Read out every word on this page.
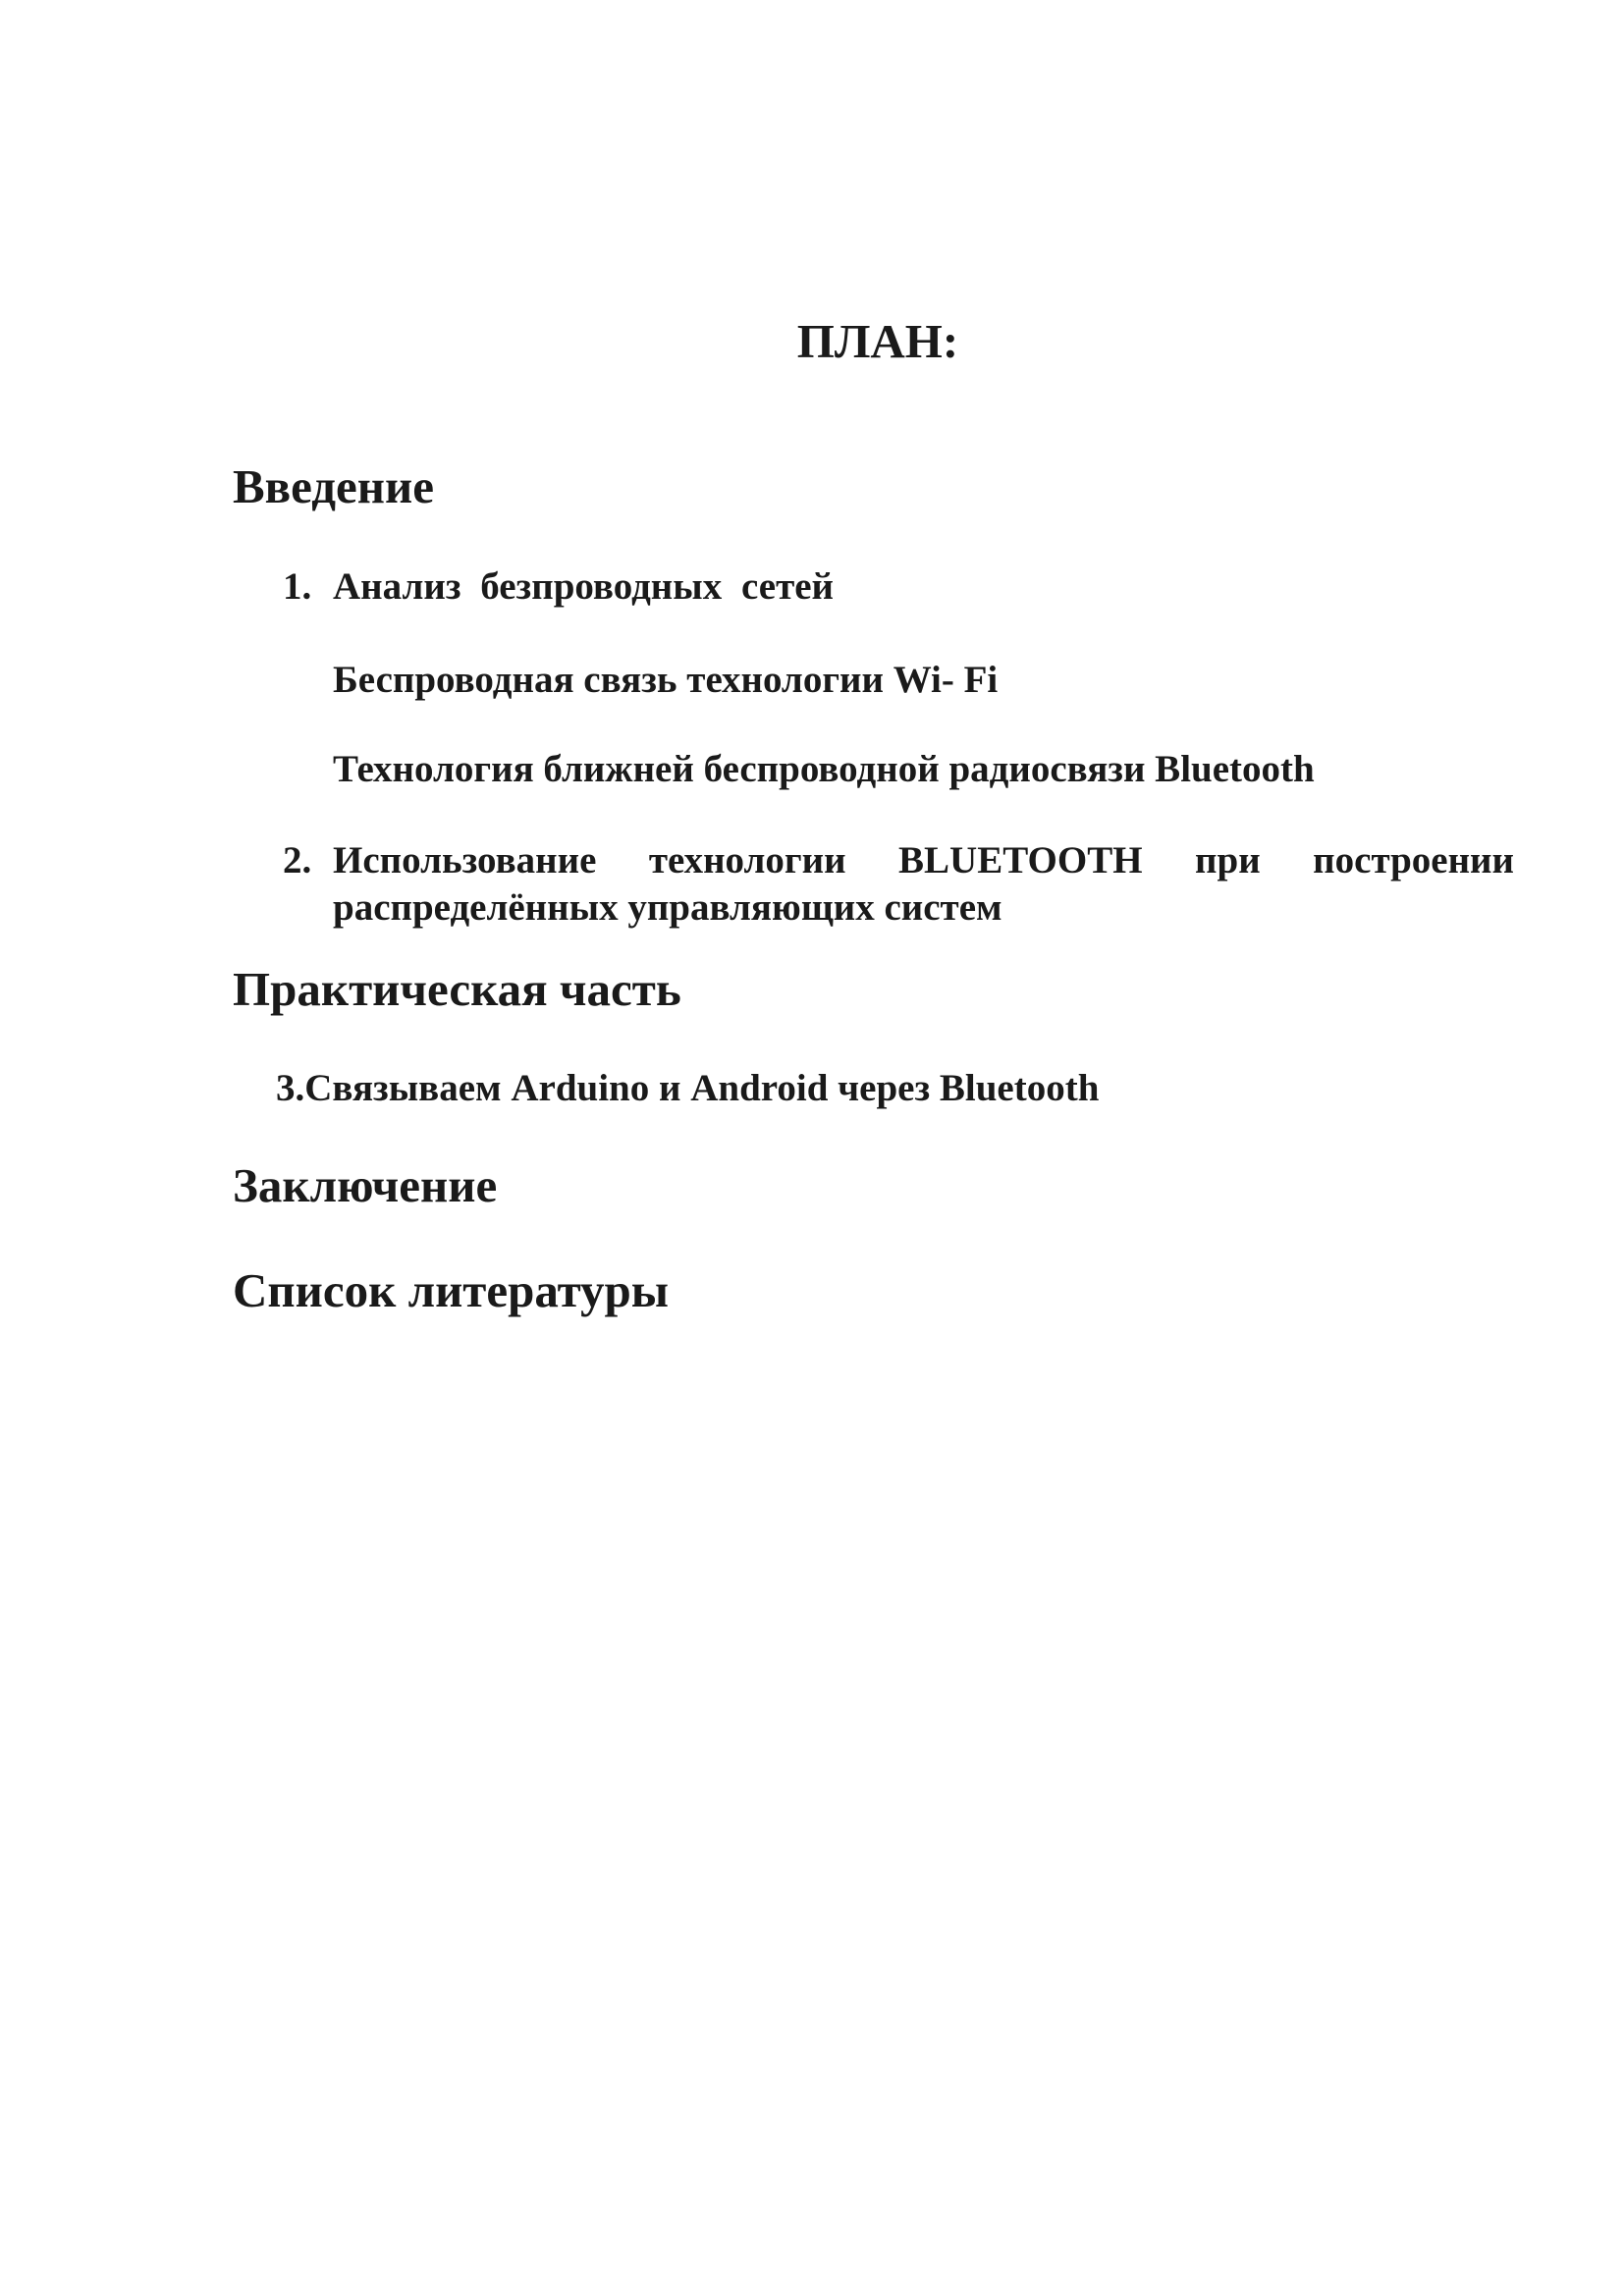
ПЛАН:
Введение
1. Анализ безпроводных сетей
Беспроводная связь технологии Wi- Fi
Технология ближней беспроводной радиосвязи Bluetooth
2. Использование технологии BLUETOOTH при построении
распределённых управляющих систем
Практическая часть
3.Связываем Arduino и Android через Bluetooth
Заключение
Список литературы
